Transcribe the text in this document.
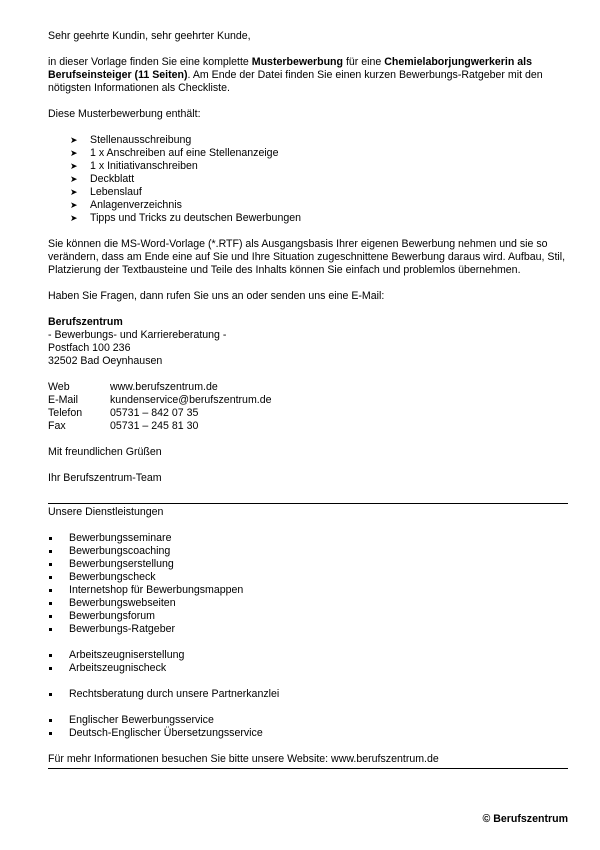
Sehr geehrte Kundin, sehr geehrter Kunde,

in dieser Vorlage finden Sie eine komplette Musterbewerbung für eine Chemielaborjungwerkerin als Berufseinsteiger (11 Seiten). Am Ende der Datei finden Sie einen kurzen Bewerbungs-Ratgeber mit den nötigsten Informationen als Checkliste.

Diese Musterbewerbung enthält:

➤ Stellenausschreibung
➤ 1 x Anschreiben auf eine Stellenanzeige
➤ 1 x Initiativanschreiben
➤ Deckblatt
➤ Lebenslauf
➤ Anlagenverzeichnis
➤ Tipps und Tricks zu deutschen Bewerbungen

Sie können die MS-Word-Vorlage (*.RTF) als Ausgangsbasis Ihrer eigenen Bewerbung nehmen und sie so verändern, dass am Ende eine auf Sie und Ihre Situation zugeschnittene Bewerbung daraus wird. Aufbau, Stil, Platzierung der Textbausteine und Teile des Inhalts können Sie einfach und problemlos übernehmen.

Haben Sie Fragen, dann rufen Sie uns an oder senden uns eine E-Mail:

Berufszentrum

- Bewerbungs- und Karriereberatung -

Postfach 100 236

32502 Bad Oeynhausen

Web	www.berufszentrum.de
E-Mail	kundenservice@berufszentrum.de
Telefon	05731 – 842 07 35
Fax	05731 – 245 81 30

Mit freundlichen Grüßen

Ihr Berufszentrum-Team

Unsere Dienstleistungen

Bewerbungsseminare
Bewerbungscoaching
Bewerbungserstellung
Bewerbungscheck
Internetshop für Bewerbungsmappen
Bewerbungswebseiten
Bewerbungsforum
Bewerbungs-Ratgeber
Arbeitszeugniserstellung
Arbeitszeugnischeck
Rechtsberatung durch unsere Partnerkanzlei
Englischer Bewerbungsservice
Deutsch-Englischer Übersetzungsservice

Für mehr Informationen besuchen Sie bitte unsere Website: www.berufszentrum.de

© Berufszentrum
